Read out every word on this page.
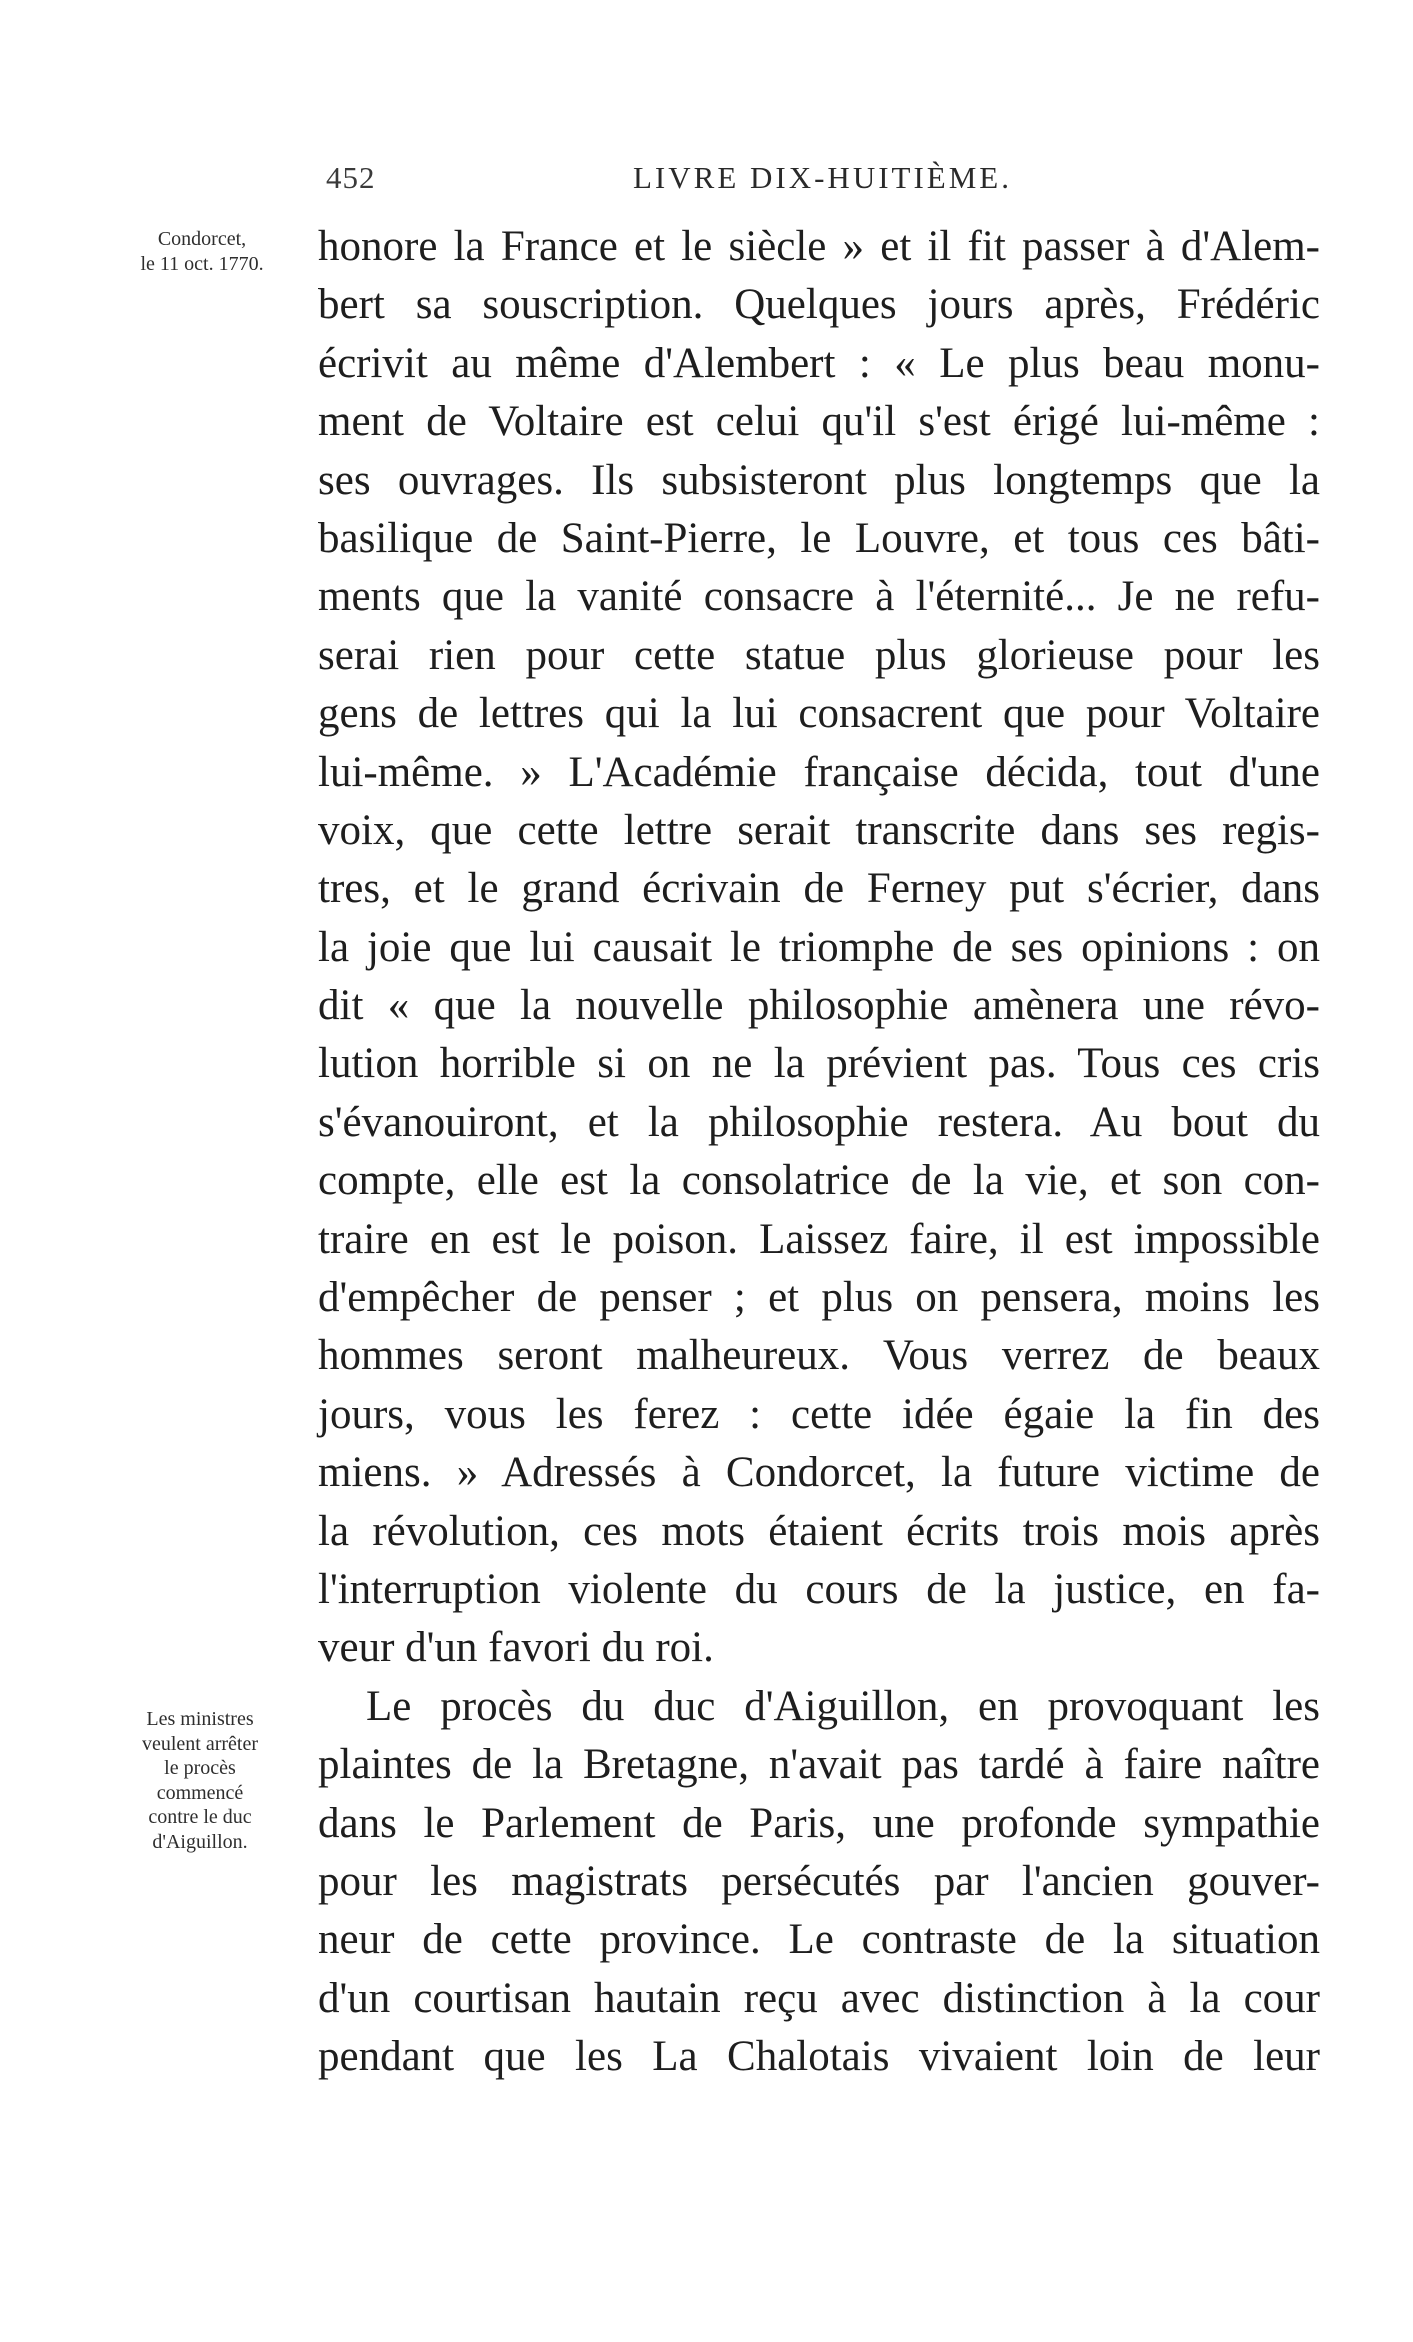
452	LIVRE DIX-HUITIÈME.
Condorcet,
le 11 oct. 1770.
Les ministres
veulent arrêter
le procès
commencé
contre le duc
d'Aiguillon.
honore la France et le siècle » et il fit passer à d'Alem-
bert sa souscription. Quelques jours après, Frédéric
écrivit au même d'Alembert : « Le plus beau monu-
ment de Voltaire est celui qu'il s'est érigé lui-même :
ses ouvrages. Ils subsisteront plus longtemps que la
basilique de Saint-Pierre, le Louvre, et tous ces bâti-
ments que la vanité consacre à l'éternité... Je ne refu-
serai rien pour cette statue plus glorieuse pour les
gens de lettres qui la lui consacrent que pour Voltaire
lui-même. » L'Académie française décida, tout d'une
voix, que cette lettre serait transcrite dans ses regis-
tres, et le grand écrivain de Ferney put s'écrier, dans
la joie que lui causait le triomphe de ses opinions : on
dit « que la nouvelle philosophie amènera une révo-
lution horrible si on ne la prévient pas. Tous ces cris
s'évanouiront, et la philosophie restera. Au bout du
compte, elle est la consolatrice de la vie, et son con-
traire en est le poison. Laissez faire, il est impossible
d'empêcher de penser ; et plus on pensera, moins les
hommes seront malheureux. Vous verrez de beaux
jours, vous les ferez : cette idée égaie la fin des
miens. » Adressés à Condorcet, la future victime de
la révolution, ces mots étaient écrits trois mois après
l'interruption violente du cours de la justice, en fa-
veur d'un favori du roi.
Le procès du duc d'Aiguillon, en provoquant les
plaintes de la Bretagne, n'avait pas tardé à faire naître
dans le Parlement de Paris, une profonde sympathie
pour les magistrats persécutés par l'ancien gouver-
neur de cette province. Le contraste de la situation
d'un courtisan hautain reçu avec distinction à la cour
pendant que les La Chalotais vivaient loin de leur
